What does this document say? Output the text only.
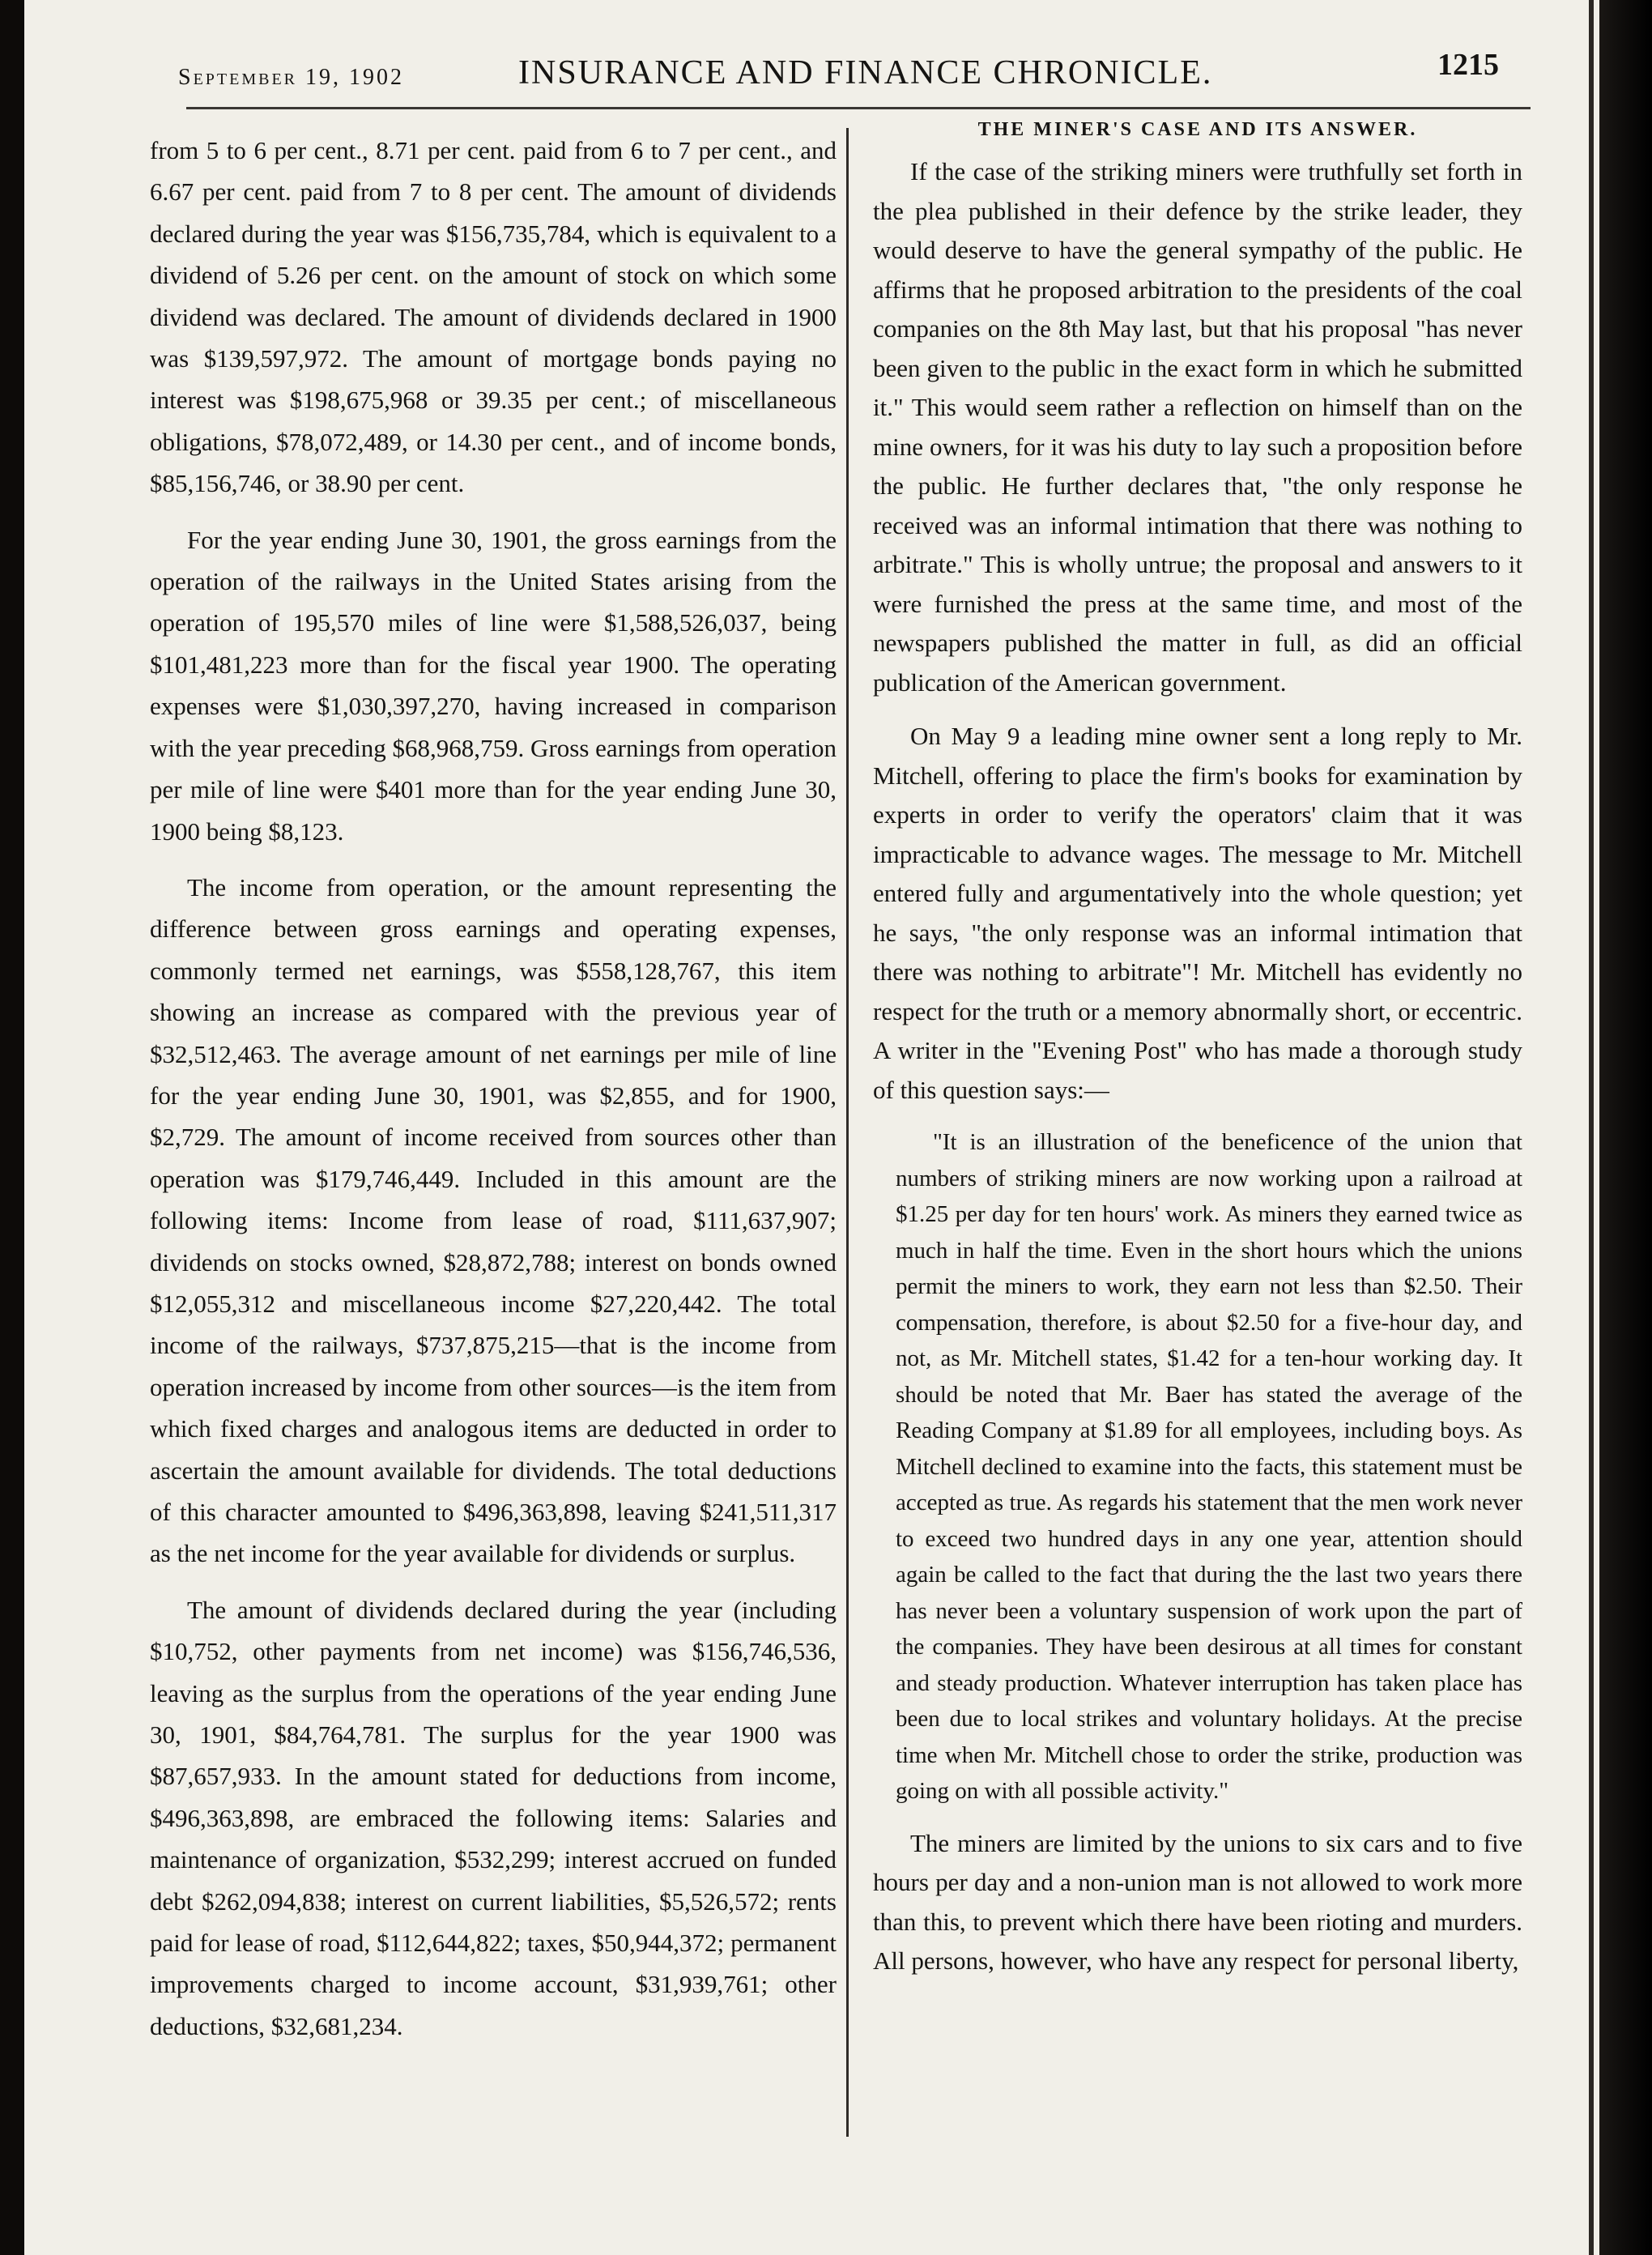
September 19, 1902	INSURANCE AND FINANCE CHRONICLE.	1215

from 5 to 6 per cent., 8.71 per cent. paid from 6 to 7 per cent., and 6.67 per cent. paid from 7 to 8 per cent. The amount of dividends declared during the year was $156,735,784, which is equivalent to a dividend of 5.26 per cent. on the amount of stock on which some dividend was declared. The amount of dividends declared in 1900 was $139,597,972. The amount of mortgage bonds paying no interest was $198,675,968 or 39.35 per cent.; of miscellaneous obligations, $78,072,489, or 14.30 per cent., and of income bonds, $85,156,746, or 38.90 per cent.

For the year ending June 30, 1901, the gross earnings from the operation of the railways in the United States arising from the operation of 195,570 miles of line were $1,588,526,037, being $101,481,223 more than for the fiscal year 1900. The operating expenses were $1,030,397,270, having increased in comparison with the year preceding $68,968,759. Gross earnings from operation per mile of line were $401 more than for the year ending June 30, 1900 being $8,123.

The income from operation, or the amount representing the difference between gross earnings and operating expenses, commonly termed net earnings, was $558,128,767, this item showing an increase as compared with the previous year of $32,512,463. The average amount of net earnings per mile of line for the year ending June 30, 1901, was $2,855, and for 1900, $2,729. The amount of income received from sources other than operation was $179,746,449. Included in this amount are the following items: Income from lease of road, $111,637,907; dividends on stocks owned, $28,872,788; interest on bonds owned $12,055,312 and miscellaneous income $27,220,442. The total income of the railways, $737,875,215—that is the income from operation increased by income from other sources—is the item from which fixed charges and analogous items are deducted in order to ascertain the amount available for dividends. The total deductions of this character amounted to $496,363,898, leaving $241,511,317 as the net income for the year available for dividends or surplus.

The amount of dividends declared during the year (including $10,752, other payments from net income) was $156,746,536, leaving as the surplus from the operations of the year ending June 30, 1901, $84,764,781. The surplus for the year 1900 was $87,657,933. In the amount stated for deductions from income, $496,363,898, are embraced the following items: Salaries and maintenance of organization, $532,299; interest accrued on funded debt $262,094,838; interest on current liabilities, $5,526,572; rents paid for lease of road, $112,644,822; taxes, $50,944,372; permanent improvements charged to income account, $31,939,761; other deductions, $32,681,234.

THE MINER'S CASE AND ITS ANSWER.

If the case of the striking miners were truthfully set forth in the plea published in their defence by the strike leader, they would deserve to have the general sympathy of the public. He affirms that he proposed arbitration to the presidents of the coal companies on the 8th May last, but that his proposal "has never been given to the public in the exact form in which he submitted it." This would seem rather a reflection on himself than on the mine owners, for it was his duty to lay such a proposition before the public. He further declares that, "the only response he received was an informal intimation that there was nothing to arbitrate." This is wholly untrue; the proposal and answers to it were furnished the press at the same time, and most of the newspapers published the matter in full, as did an official publication of the American government.

On May 9 a leading mine owner sent a long reply to Mr. Mitchell, offering to place the firm's books for examination by experts in order to verify the operators' claim that it was impracticable to advance wages. The message to Mr. Mitchell entered fully and argumentatively into the whole question; yet he says, "the only response was an informal intimation that there was nothing to arbitrate"! Mr. Mitchell has evidently no respect for the truth or a memory abnormally short, or eccentric. A writer in the "Evening Post" who has made a thorough study of this question says:—

"It is an illustration of the beneficence of the union that numbers of striking miners are now working upon a railroad at $1.25 per day for ten hours' work. As miners they earned twice as much in half the time. Even in the short hours which the unions permit the miners to work, they earn not less than $2.50. Their compensation, therefore, is about $2.50 for a five-hour day, and not, as Mr. Mitchell states, $1.42 for a ten-hour working day. It should be noted that Mr. Baer has stated the average of the Reading Company at $1.89 for all employees, including boys. As Mitchell declined to examine into the facts, this statement must be accepted as true. As regards his statement that the men work never to exceed two hundred days in any one year, attention should again be called to the fact that during the the last two years there has never been a voluntary suspension of work upon the part of the companies. They have been desirous at all times for constant and steady production. Whatever interruption has taken place has been due to local strikes and voluntary holidays. At the precise time when Mr. Mitchell chose to order the strike, production was going on with all possible activity."

The miners are limited by the unions to six cars and to five hours per day and a non-union man is not allowed to work more than this, to prevent which there have been rioting and murders. All persons, however, who have any respect for personal liberty,
